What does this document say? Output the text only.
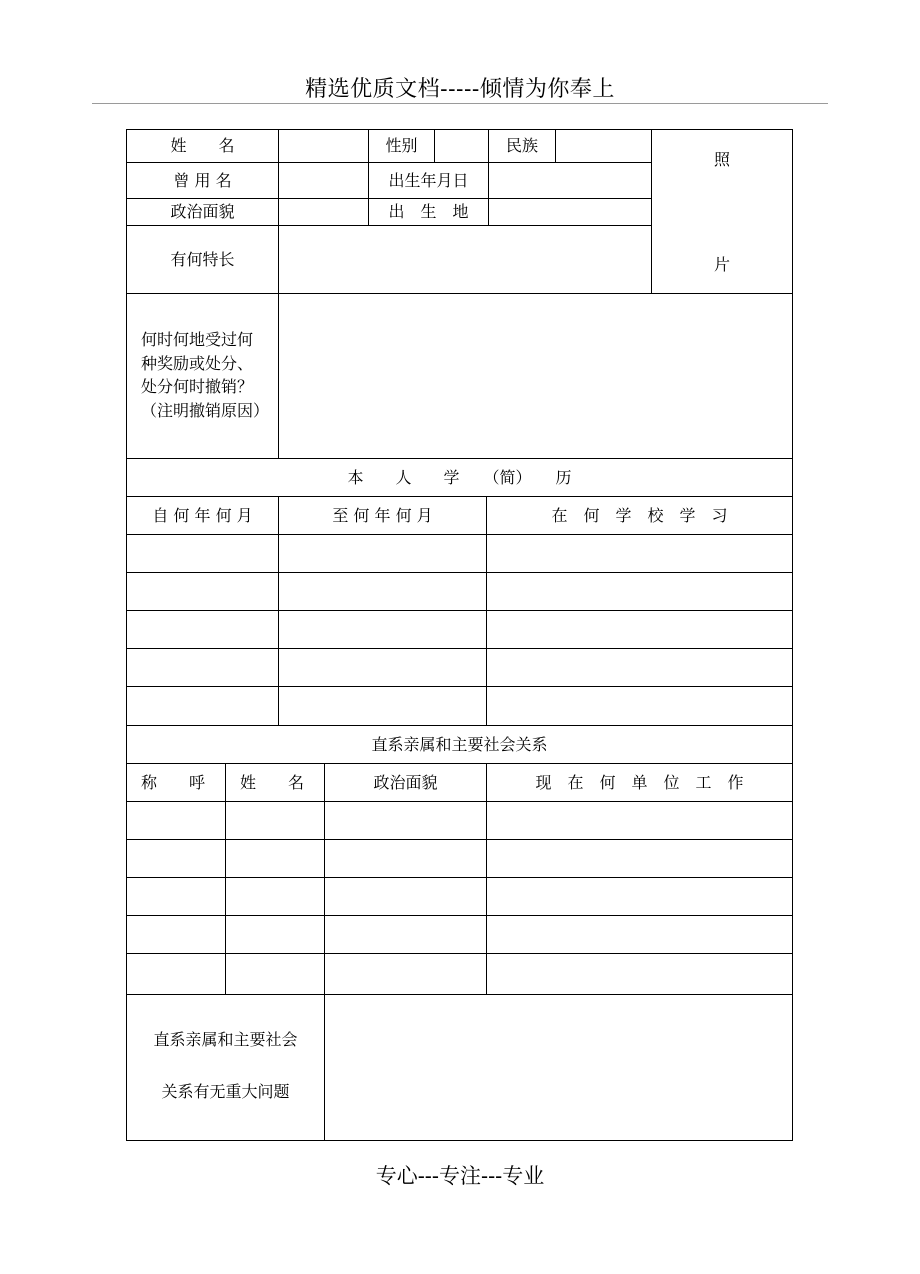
精选优质文档-----倾情为你奉上
姓　　名	性别	民族
照
片
曾 用 名	出生年月日
政治面貌	出　生　地
有何特长
何时何地受过何种奖励或处分、处分何时撤销？（注明撤销原因）
本　　人　　学　　（简）　　历
自 何 年 何 月	至 何 年 何 月	在　何　学　校　学　习
直系亲属和主要社会关系
称　　呼	姓　　名	政治面貌	现　在　何　单　位　工　作
直系亲属和主要社会
关系有无重大问题
专心---专注---专业
